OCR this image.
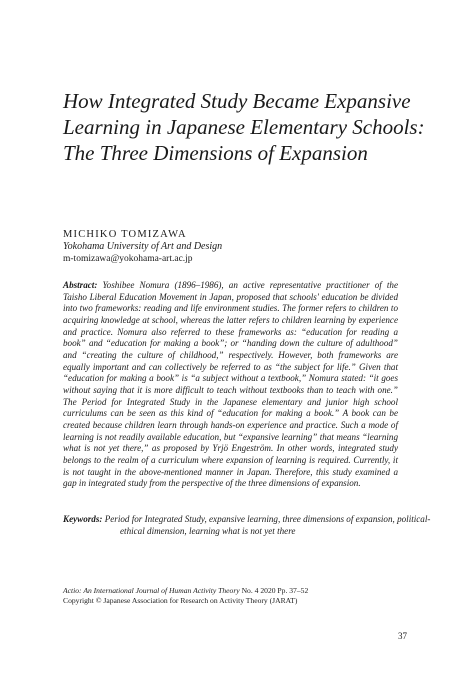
How Integrated Study Became Expansive
Learning in Japanese Elementary Schools:
The Three Dimensions of Expansion
MICHIKO TOMIZAWA
Yokohama University of Art and Design
m-tomizawa@yokohama-art.ac.jp

Abstract: Yoshibee Nomura (1896–1986), an active representative practitioner of the Taisho Liberal Education Movement in Japan, proposed that schools' education be divided into two frameworks: reading and life environment studies. The former refers to children to acquiring knowledge at school, whereas the latter refers to children learning by experience and practice. Nomura also referred to these frameworks as: “education for reading a book” and “education for making a book”; or “handing down the culture of adulthood” and “creating the culture of childhood,” respectively. However, both frameworks are equally important and can collectively be referred to as “the subject for life.” Given that “education for making a book” is “a subject without a textbook,” Nomura stated: “it goes without saying that it is more difficult to teach without textbooks than to teach with one.” The Period for Integrated Study in the Japanese elementary and junior high school curriculums can be seen as this kind of “education for making a book.” A book can be created because children learn through hands-on experience and practice. Such a mode of learning is not readily available education, but “expansive learning” that means “learning what is not yet there,” as proposed by Yrjö Engeström. In other words, integrated study belongs to the realm of a curriculum where expansion of learning is required. Currently, it is not taught in the above-mentioned manner in Japan. Therefore, this study examined a gap in integrated study from the perspective of the three dimensions of expansion.

Keywords: Period for Integrated Study, expansive learning, three dimensions of expansion, political-ethical dimension, learning what is not yet there

Actio: An International Journal of Human Activity Theory No. 4 2020 Pp. 37–52
Copyright © Japanese Association for Research on Activity Theory (JARAT)
37
